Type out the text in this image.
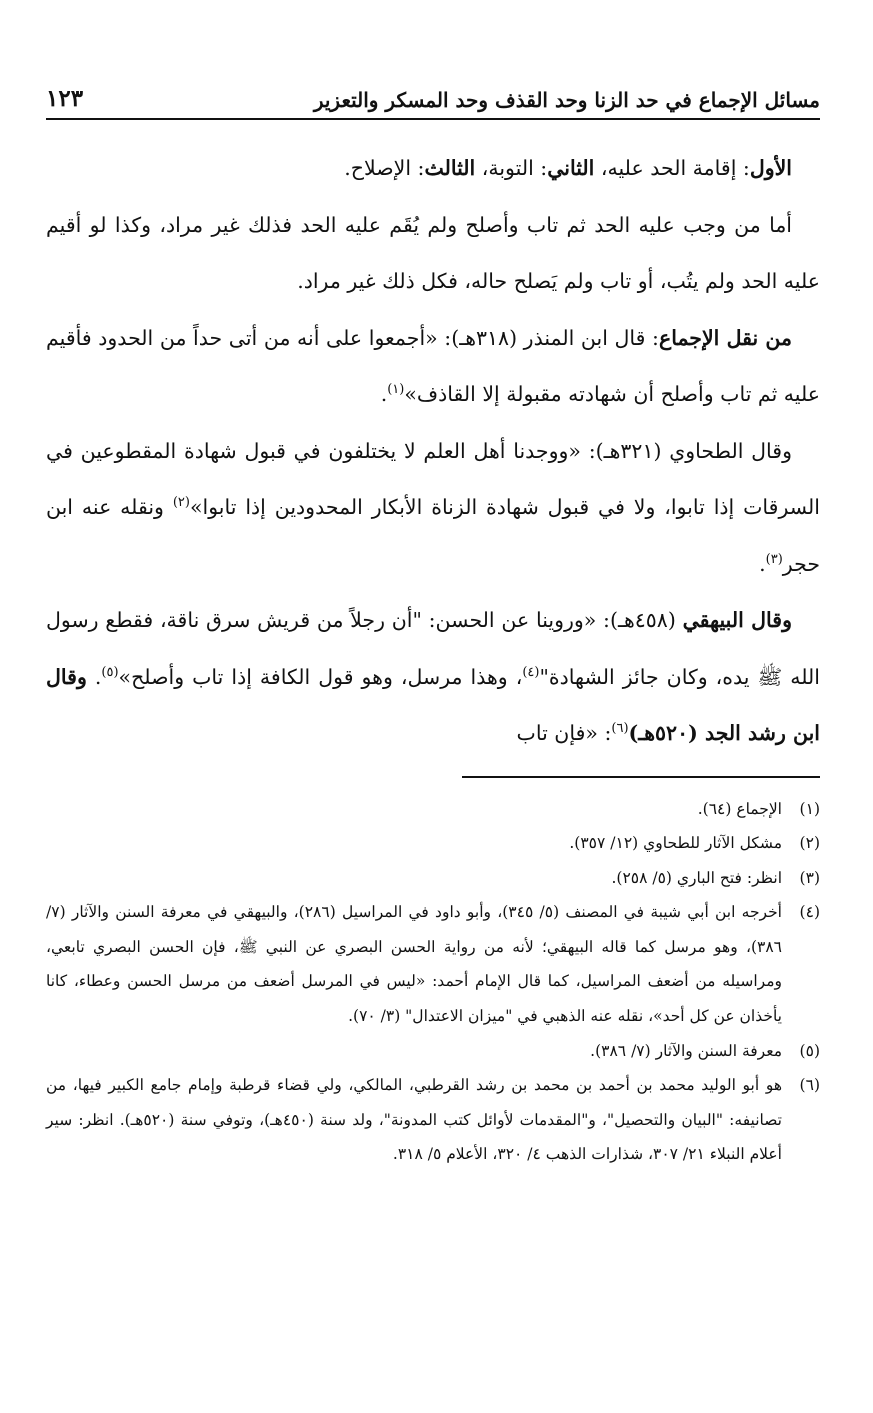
مسائل الإجماع في حد الزنا وحد القذف وحد المسكر والتعزير
١٢٣

الأول: إقامة الحد عليه، الثاني: التوبة، الثالث: الإصلاح.

أما من وجب عليه الحد ثم تاب وأصلح ولم يُقَم عليه الحد فذلك غير مراد، وكذا لو أقيم عليه الحد ولم يتُب، أو تاب ولم يَصلح حاله، فكل ذلك غير مراد.

من نقل الإجماع: قال ابن المنذر (٣١٨هـ): «أجمعوا على أنه من أتى حداً من الحدود فأقيم عليه ثم تاب وأصلح أن شهادته مقبولة إلا القاذف»$^{(١)}$.

وقال الطحاوي (٣٢١هـ): «ووجدنا أهل العلم لا يختلفون في قبول شهادة المقطوعين في السرقات إذا تابوا، ولا في قبول شهادة الزناة الأبكار المحدودين إذا تابوا»$^{(٢)}$ ونقله عنه ابن حجر$^{(٣)}$.

وقال البيهقي (٤٥٨هـ): «وروينا عن الحسن: "أن رجلاً من قريش سرق ناقة، فقطع رسول الله ﷺ يده، وكان جائز الشهادة"$^{(٤)}$، وهذا مرسل، وهو قول الكافة إذا تاب وأصلح»$^{(٥)}$. وقال ابن رشد الجد (٥٢٠هـ)$^{(٦)}$: «فإن تاب

(١)
الإجماع (٦٤).
(٢)
مشكل الآثار للطحاوي (١٢/ ٣٥٧).
(٣)
انظر: فتح الباري (٥/ ٢٥٨).
(٤)
أخرجه ابن أبي شيبة في المصنف (٥/ ٣٤٥)، وأبو داود في المراسيل (٢٨٦)، والبيهقي في معرفة السنن والآثار (٧/ ٣٨٦)، وهو مرسل كما قاله البيهقي؛ لأنه من رواية الحسن البصري عن النبي ﷺ، فإن الحسن البصري تابعي، ومراسيله من أضعف المراسيل، كما قال الإمام أحمد: «ليس في المرسل أضعف من مرسل الحسن وعطاء، كانا يأخذان عن كل أحد»، نقله عنه الذهبي في "ميزان الاعتدال" (٣/ ٧٠).
(٥)
معرفة السنن والآثار (٧/ ٣٨٦).
(٦)
هو أبو الوليد محمد بن أحمد بن محمد بن رشد القرطبي، المالكي، ولي قضاء قرطبة وإمام جامع الكبير فيها، من تصانيفه: "البيان والتحصيل"، و"المقدمات لأوائل كتب المدونة"، ولد سنة (٤٥٠هـ)، وتوفي سنة (٥٢٠هـ). انظر: سير أعلام النبلاء ٢١/ ٣٠٧، شذارات الذهب ٤/ ٣٢٠، الأعلام ٥/ ٣١٨.
